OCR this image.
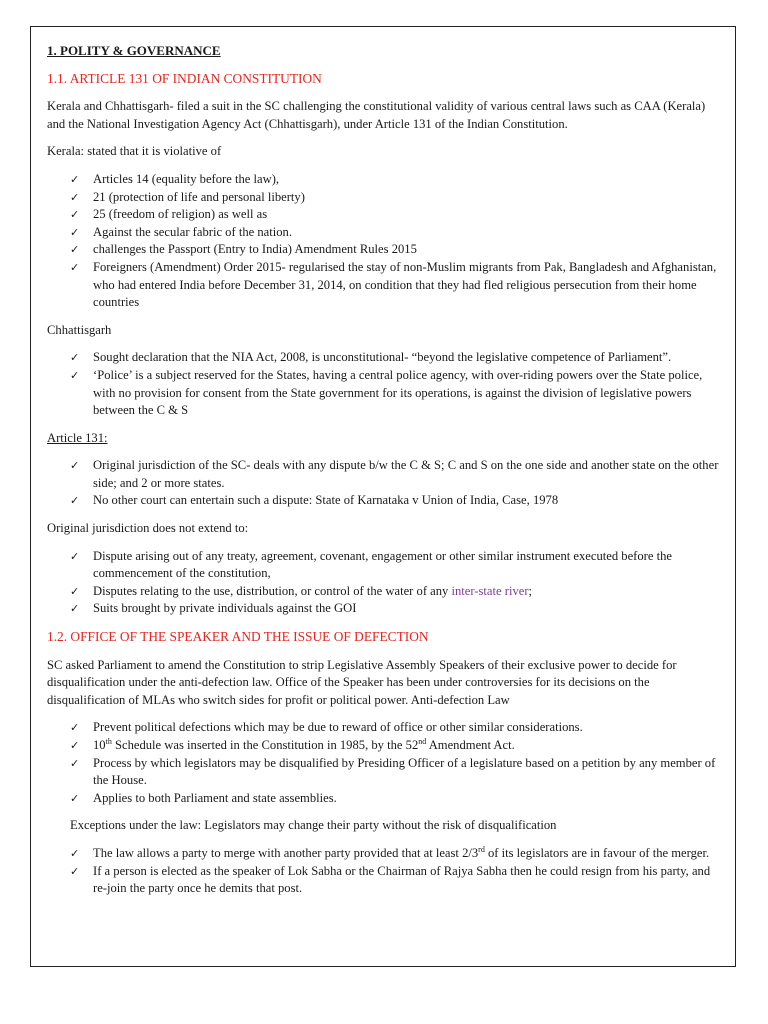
1. POLITY & GOVERNANCE
1.1. ARTICLE 131 OF INDIAN CONSTITUTION

Kerala and Chhattisgarh- filed a suit in the SC challenging the constitutional validity of various central laws such as CAA (Kerala) and the National Investigation Agency Act (Chhattisgarh), under Article 131 of the Indian Constitution.

Kerala: stated that it is violative of

✓ Articles 14 (equality before the law),
✓ 21 (protection of life and personal liberty)
✓ 25 (freedom of religion) as well as
✓ Against the secular fabric of the nation.
✓ challenges the Passport (Entry to India) Amendment Rules 2015
✓ Foreigners (Amendment) Order 2015- regularised the stay of non-Muslim migrants from Pak, Bangladesh and Afghanistan, who had entered India before December 31, 2014, on condition that they had fled religious persecution from their home countries

Chhattisgarh

✓ Sought declaration that the NIA Act, 2008, is unconstitutional- “beyond the legislative competence of Parliament”.
✓ ‘Police’ is a subject reserved for the States, having a central police agency, with over-riding powers over the State police, with no provision for consent from the State government for its operations, is against the division of legislative powers between the C & S

Article 131:

✓ Original jurisdiction of the SC- deals with any dispute b/w the C & S; C and S on the one side and another state on the other side; and 2 or more states.
✓ No other court can entertain such a dispute: State of Karnataka v Union of India, Case, 1978

Original jurisdiction does not extend to:

✓ Dispute arising out of any treaty, agreement, covenant, engagement or other similar instrument executed before the commencement of the constitution,
✓ Disputes relating to the use, distribution, or control of the water of any inter-state river;
✓ Suits brought by private individuals against the GOI
1.2. OFFICE OF THE SPEAKER AND THE ISSUE OF DEFECTION

SC asked Parliament to amend the Constitution to strip Legislative Assembly Speakers of their exclusive power to decide for disqualification under the anti-defection law. Office of the Speaker has been under controversies for its decisions on the disqualification of MLAs who switch sides for profit or political power. Anti-defection Law

✓ Prevent political defections which may be due to reward of office or other similar considerations.
✓ 10th Schedule was inserted in the Constitution in 1985, by the 52nd Amendment Act.
✓ Process by which legislators may be disqualified by Presiding Officer of a legislature based on a petition by any member of the House.
✓ Applies to both Parliament and state assemblies.

Exceptions under the law: Legislators may change their party without the risk of disqualification

✓ The law allows a party to merge with another party provided that at least 2/3rd of its legislators are in favour of the merger.
✓ If a person is elected as the speaker of Lok Sabha or the Chairman of Rajya Sabha then he could resign from his party, and re-join the party once he demits that post.
